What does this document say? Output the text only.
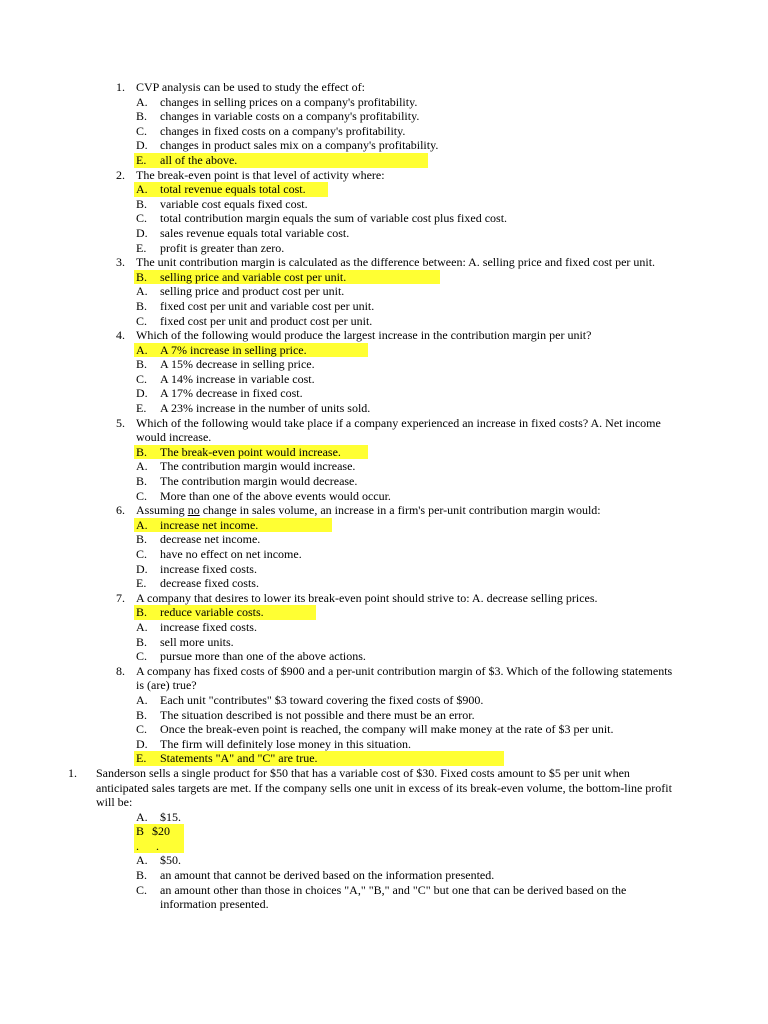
1. CVP analysis can be used to study the effect of:
A. changes in selling prices on a company's profitability.
B. changes in variable costs on a company's profitability.
C. changes in fixed costs on a company's profitability.
D. changes in product sales mix on a company's profitability.
E. all of the above.
2. The break-even point is that level of activity where:
A. total revenue equals total cost.
B. variable cost equals fixed cost.
C. total contribution margin equals the sum of variable cost plus fixed cost.
D. sales revenue equals total variable cost.
E. profit is greater than zero.
3. The unit contribution margin is calculated as the difference between: A. selling price and fixed cost per unit.
B. selling price and variable cost per unit.
A. selling price and product cost per unit.
B. fixed cost per unit and variable cost per unit.
C. fixed cost per unit and product cost per unit.
4. Which of the following would produce the largest increase in the contribution margin per unit?
A. A 7% increase in selling price.
B. A 15% decrease in selling price.
C. A 14% increase in variable cost.
D. A 17% decrease in fixed cost.
E. A 23% increase in the number of units sold.
5. Which of the following would take place if a company experienced an increase in fixed costs? A. Net income would increase.
B. The break-even point would increase.
A. The contribution margin would increase.
B. The contribution margin would decrease.
C. More than one of the above events would occur.
6. Assuming no change in sales volume, an increase in a firm's per-unit contribution margin would:
A. increase net income.
B. decrease net income.
C. have no effect on net income.
D. increase fixed costs.
E. decrease fixed costs.
7. A company that desires to lower its break-even point should strive to: A. decrease selling prices.
B. reduce variable costs.
A. increase fixed costs.
B. sell more units.
C. pursue more than one of the above actions.
8. A company has fixed costs of $900 and a per-unit contribution margin of $3. Which of the following statements is (are) true?
A. Each unit "contributes" $3 toward covering the fixed costs of $900.
B. The situation described is not possible and there must be an error.
C. Once the break-even point is reached, the company will make money at the rate of $3 per unit.
D. The firm will definitely lose money in this situation.
E. Statements "A" and "C" are true.
1. Sanderson sells a single product for $50 that has a variable cost of $30. Fixed costs amount to $5 per unit when anticipated sales targets are met. If the company sells one unit in excess of its break-even volume, the bottom-line profit will be:
A. $15.
B $20
. .
A. $50.
B. an amount that cannot be derived based on the information presented.
C. an amount other than those in choices "A," "B," and "C" but one that can be derived based on the information presented.
